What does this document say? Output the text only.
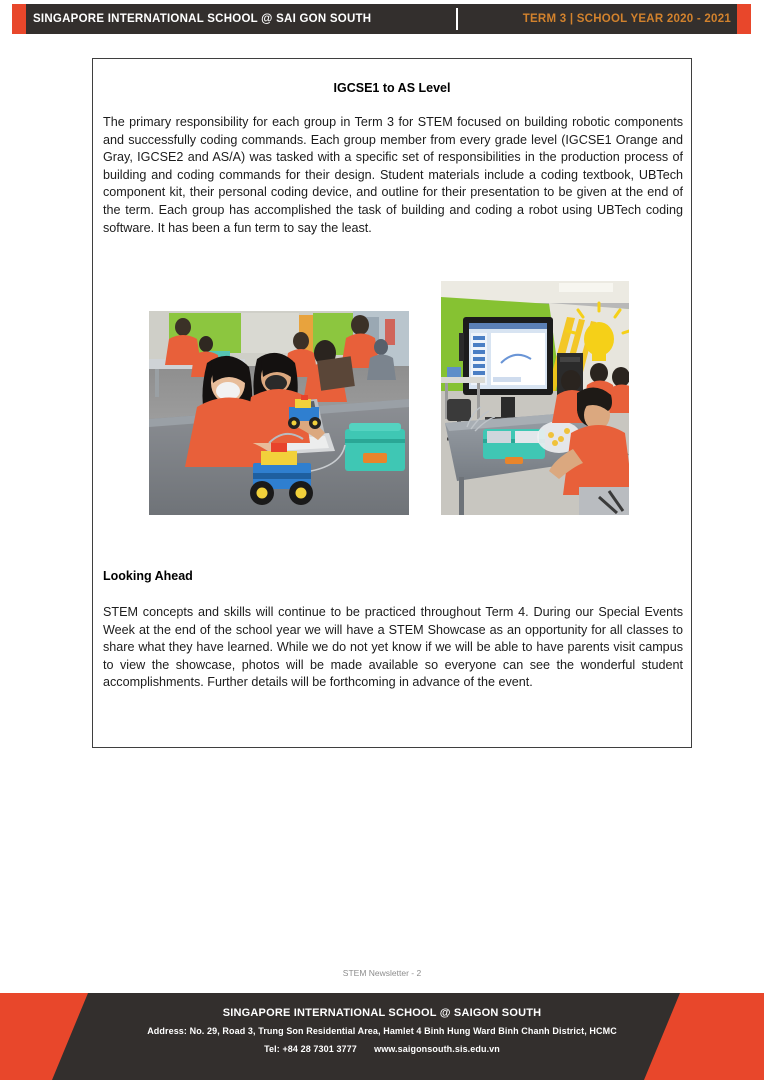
SINGAPORE INTERNATIONAL SCHOOL @ SAI GON SOUTH	TERM 3 | SCHOOL YEAR 2020 - 2021
IGCSE1 to AS Level
The primary responsibility for each group in Term 3 for STEM focused on building robotic components and successfully coding commands. Each group member from every grade level (IGCSE1 Orange and Gray, IGCSE2 and AS/A) was tasked with a specific set of responsibilities in the production process of building and coding commands for their design. Student materials include a coding textbook, UBTech component kit, their personal coding device, and outline for their presentation to be given at the end of the term. Each group has accomplished the task of building and coding a robot using UBTech coding software. It has been a fun term to say the least.
Looking Ahead
STEM concepts and skills will continue to be practiced throughout Term 4. During our Special Events Week at the end of the school year we will have a STEM Showcase as an opportunity for all classes to share what they have learned. While we do not yet know if we will be able to have parents visit campus to view the showcase, photos will be made available so everyone can see the wonderful student accomplishments. Further details will be forthcoming in advance of the event.
STEM Newsletter - 2
SINGAPORE INTERNATIONAL SCHOOL @ SAIGON SOUTH
Address: No. 29, Road 3, Trung Son Residential Area, Hamlet 4 Binh Hung Ward Binh Chanh District, HCMC
Tel: +84 28 7301 3777 www.saigonsouth.sis.edu.vn
